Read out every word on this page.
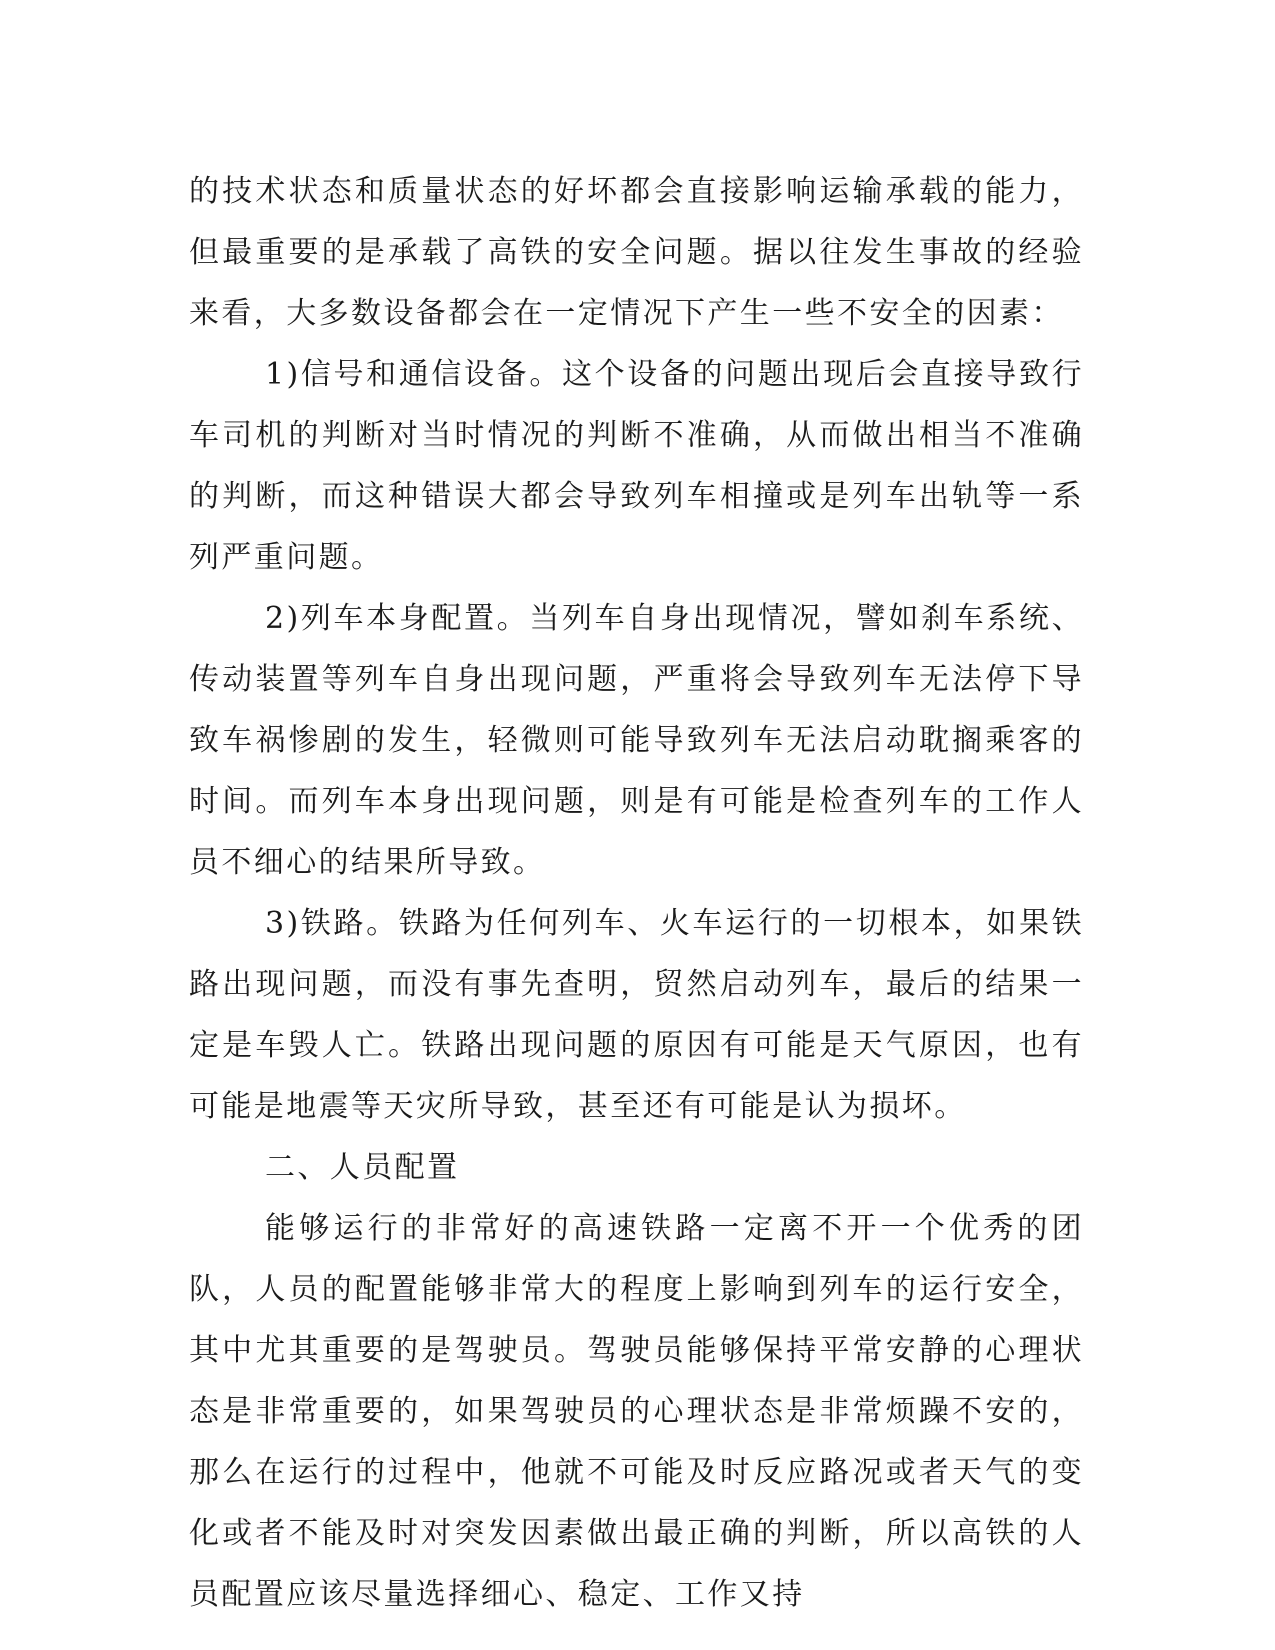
的技术状态和质量状态的好坏都会直接影响运输承载的能力，但最重要的是承载了高铁的安全问题。据以往发生事故的经验来看，大多数设备都会在一定情况下产生一些不安全的因素：

1)信号和通信设备。这个设备的问题出现后会直接导致行车司机的判断对当时情况的判断不准确，从而做出相当不准确的判断，而这种错误大都会导致列车相撞或是列车出轨等一系列严重问题。

2)列车本身配置。当列车自身出现情况，譬如刹车系统、传动装置等列车自身出现问题，严重将会导致列车无法停下导致车祸惨剧的发生，轻微则可能导致列车无法启动耽搁乘客的时间。而列车本身出现问题，则是有可能是检查列车的工作人员不细心的结果所导致。

3)铁路。铁路为任何列车、火车运行的一切根本，如果铁路出现问题，而没有事先查明，贸然启动列车，最后的结果一定是车毁人亡。铁路出现问题的原因有可能是天气原因，也有可能是地震等天灾所导致，甚至还有可能是认为损坏。

二、人员配置

能够运行的非常好的高速铁路一定离不开一个优秀的团队，人员的配置能够非常大的程度上影响到列车的运行安全，其中尤其重要的是驾驶员。驾驶员能够保持平常安静的心理状态是非常重要的，如果驾驶员的心理状态是非常烦躁不安的，那么在运行的过程中，他就不可能及时反应路况或者天气的变化或者不能及时对突发因素做出最正确的判断，所以高铁的人员配置应该尽量选择细心、稳定、工作又持
